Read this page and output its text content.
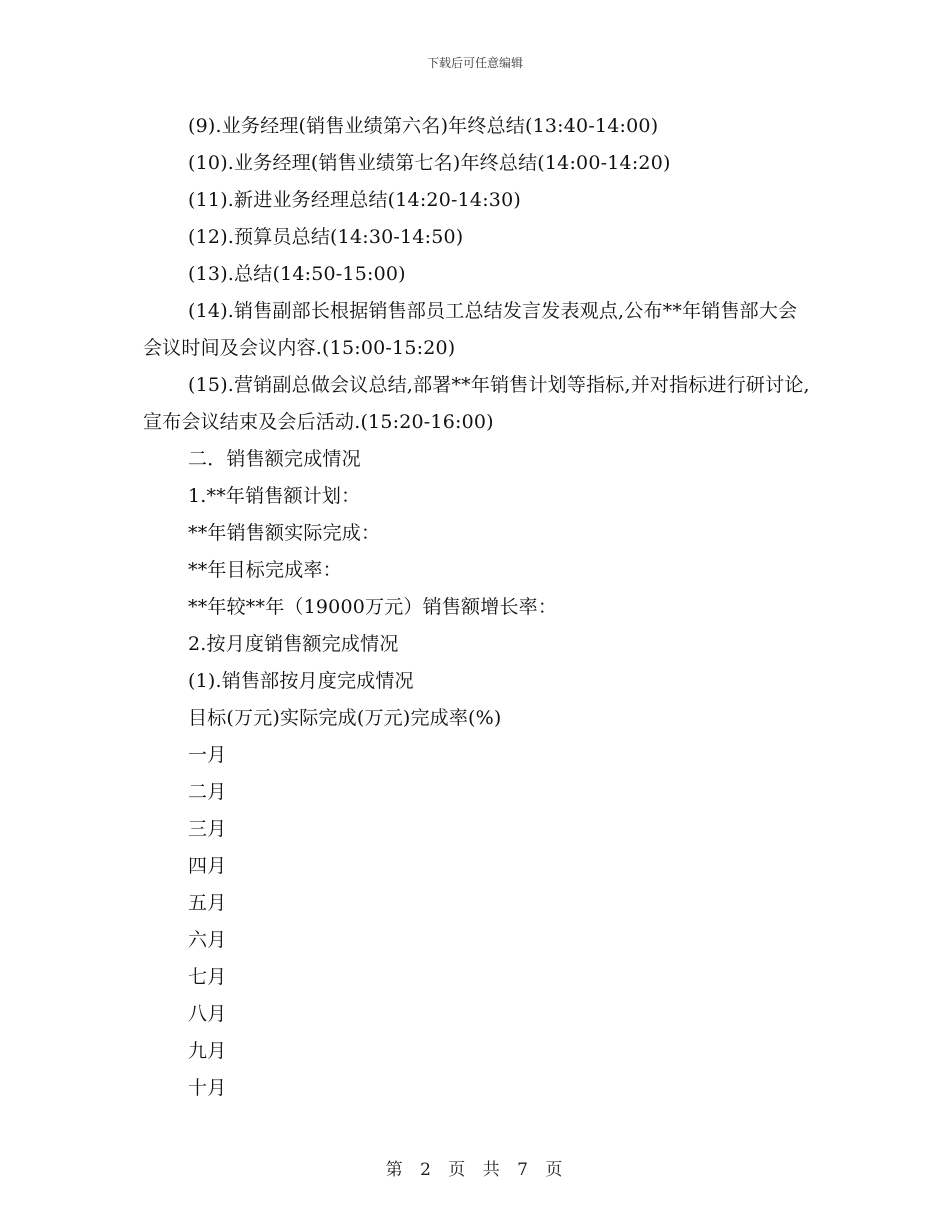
下载后可任意编辑

(9).业务经理(销售业绩第六名)年终总结(13:40-14:00)

(10).业务经理(销售业绩第七名)年终总结(14:00-14:20)

(11).新进业务经理总结(14:20-14:30)

(12).预算员总结(14:30-14:50)

(13).总结(14:50-15:00)

(14).销售副部长根据销售部员工总结发言发表观点,公布**年销售部大会会议时间及会议内容.(15:00-15:20)

(15).营销副总做会议总结,部署**年销售计划等指标,并对指标进行研讨论,宣布会议结束及会后活动.(15:20-16:00)

二．销售额完成情况

1.**年销售额计划：

**年销售额实际完成：

**年目标完成率：

**年较**年（19000万元）销售额增长率：

2.按月度销售额完成情况

(1).销售部按月度完成情况

目标(万元)实际完成(万元)完成率(%)

一月

二月

三月

四月

五月

六月

七月

八月

九月

十月

第 2 页 共 7 页
